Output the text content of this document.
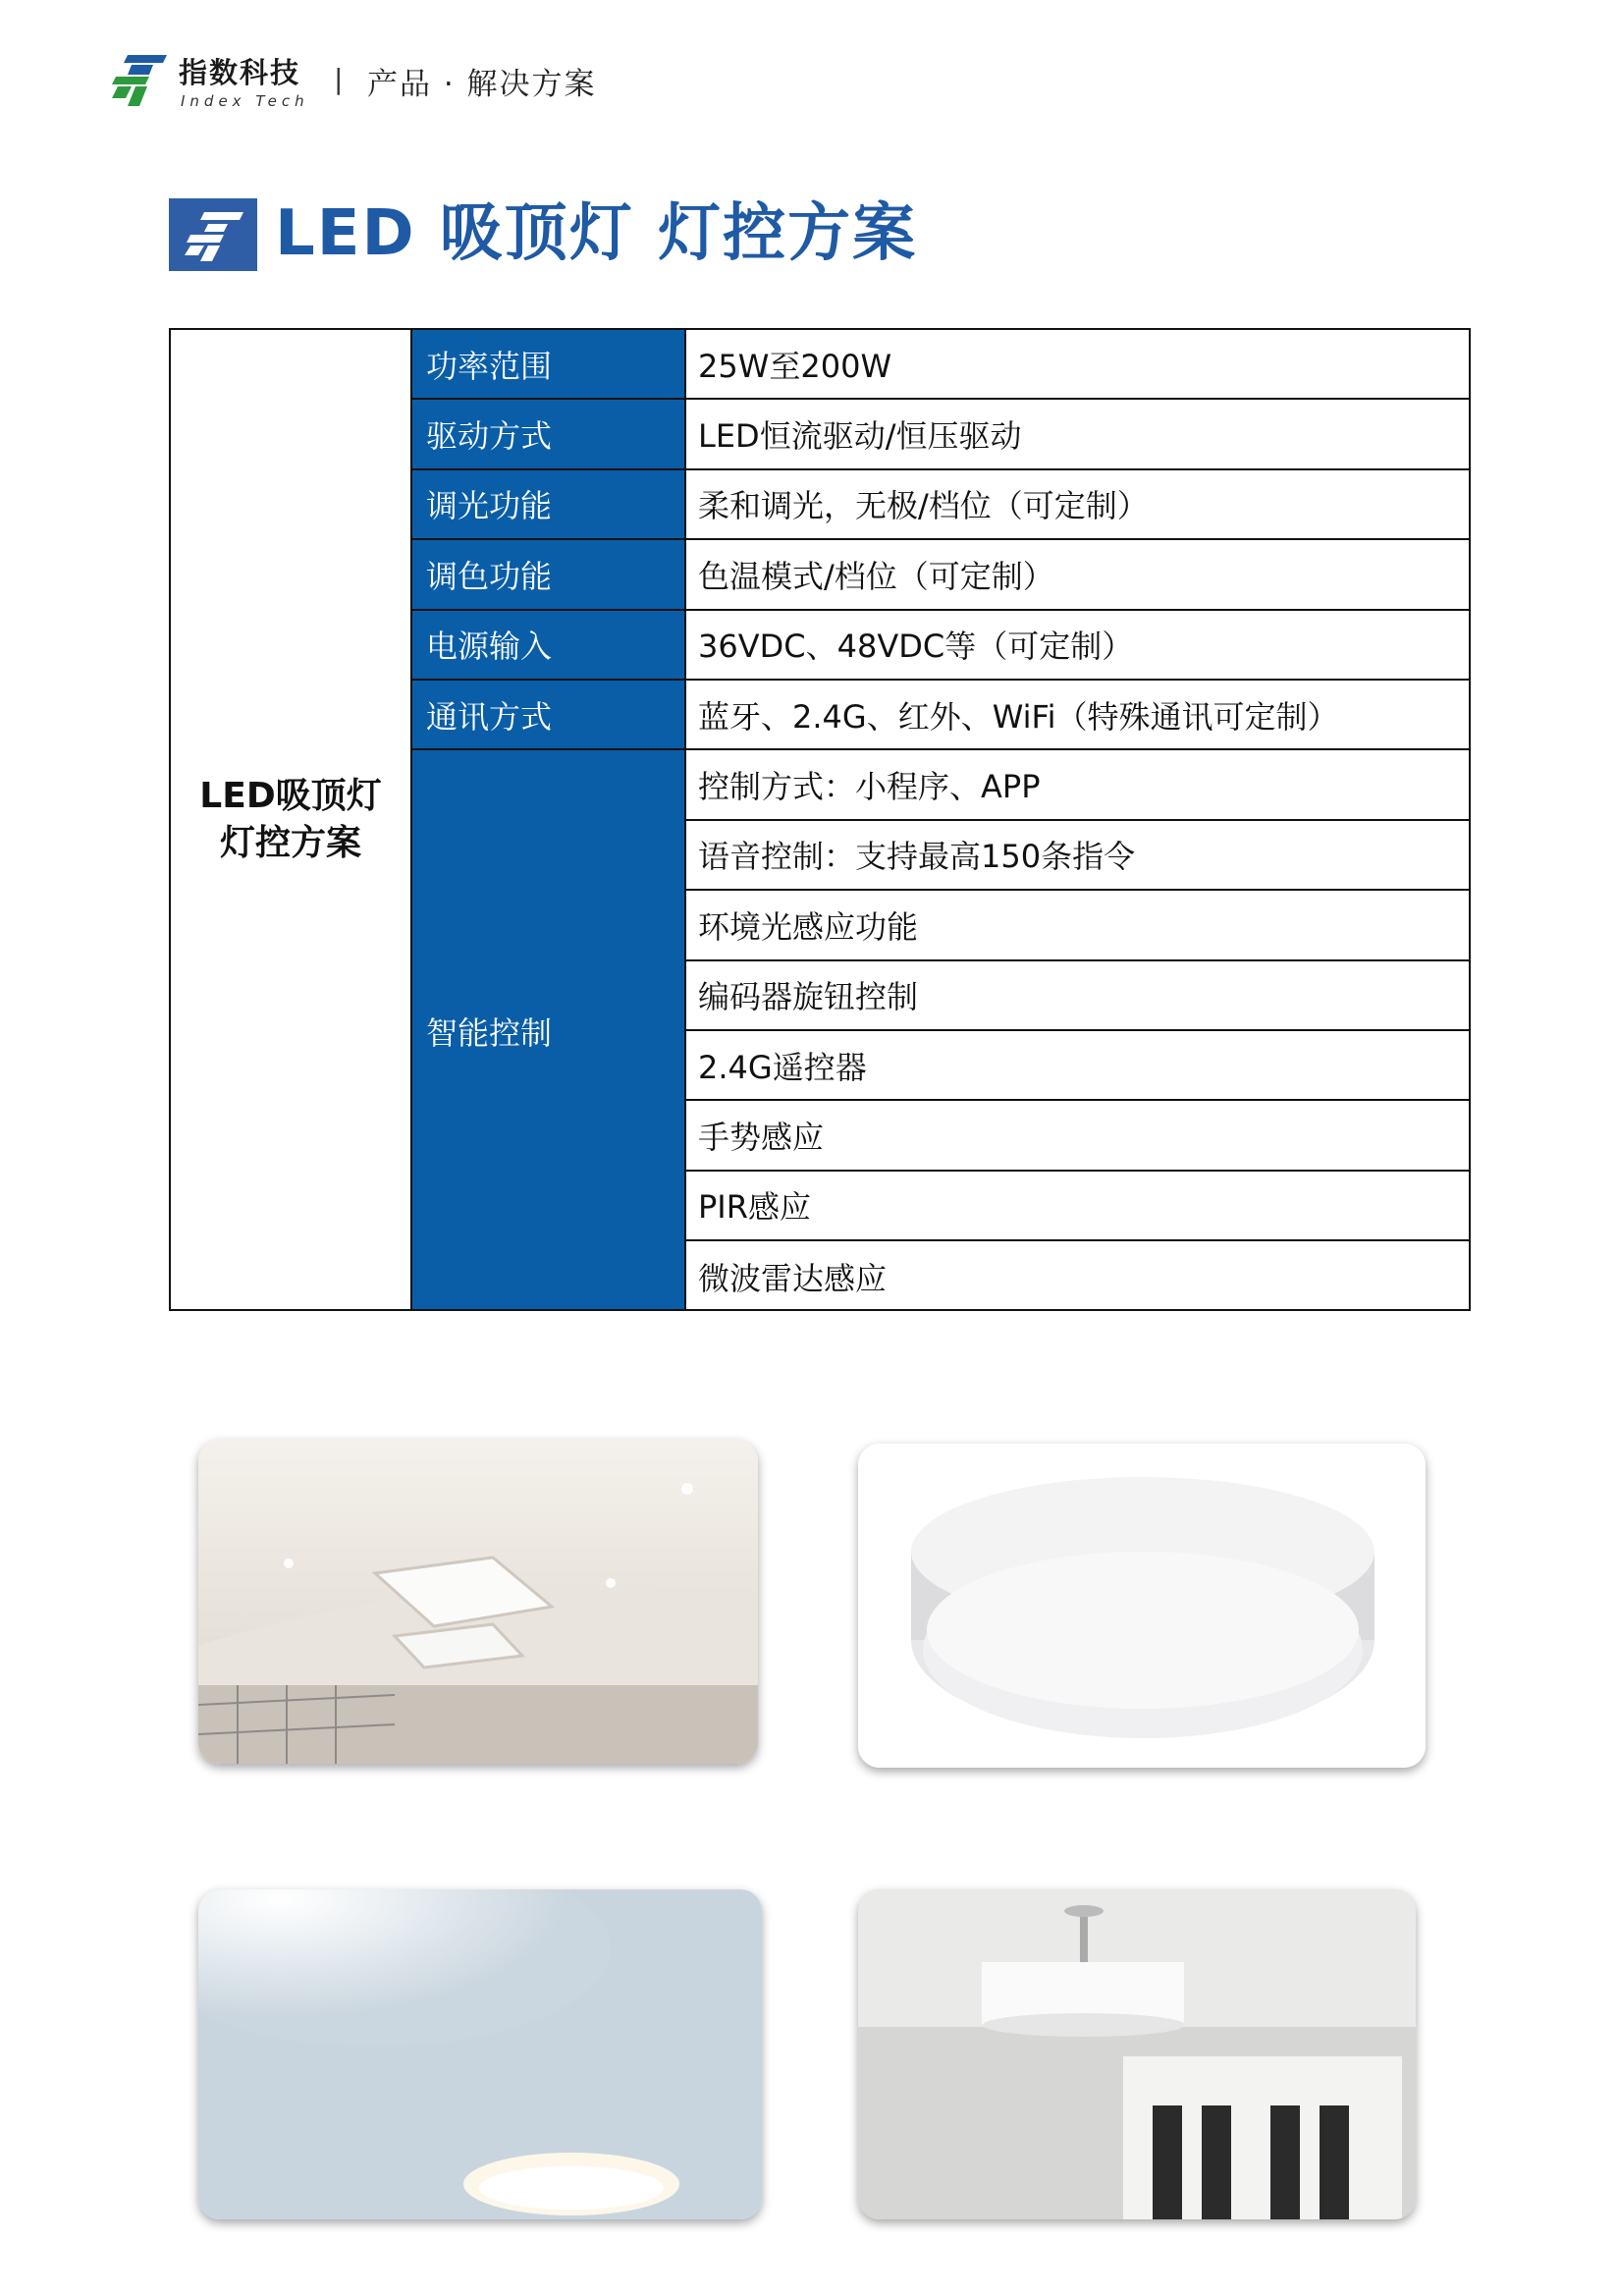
指数科技
Index Tech
| 产品 · 解决方案
LED 吸顶灯 灯控方案
LED吸顶灯
灯控方案
功率范围
驱动方式
调光功能
调色功能
电源输入
通讯方式
智能控制
25W至200W
LED恒流驱动/恒压驱动
柔和调光，无极/档位（可定制）
色温模式/档位（可定制）
36VDC、48VDC等（可定制）
蓝牙、2.4G、红外、WiFi（特殊通讯可定制）
控制方式：小程序、APP
语音控制：支持最高150条指令
环境光感应功能
编码器旋钮控制
2.4G遥控器
手势感应
PIR感应
微波雷达感应
